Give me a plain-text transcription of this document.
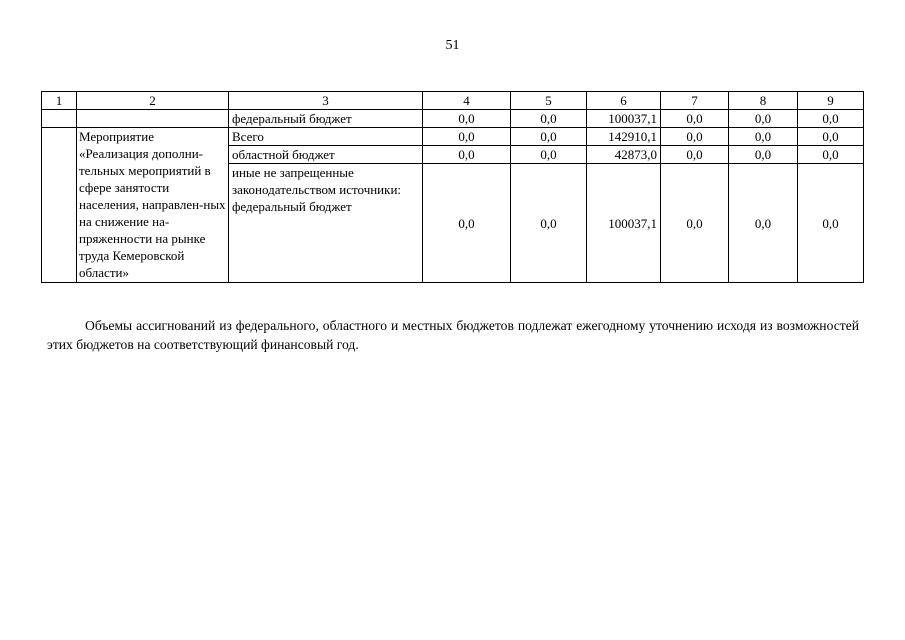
51
1	2	3	4	5	6	7	8	9
		федеральный бюджет	0,0	0,0	100037,1	0,0	0,0	0,0
	Мероприятие «Реализация дополни-тельных мероприятий в сфере занятости населения, направлен-ных на снижение на-пряженности на рынке труда Кемеровской области»	Всего	0,0	0,0	142910,1	0,0	0,0	0,0
		областной бюджет	0,0	0,0	42873,0	0,0	0,0	0,0
		иные не запрещенные законодательством источники: федеральный бюджет	0,0	0,0	100037,1	0,0	0,0	0,0

Объемы ассигнований из федерального, областного и местных бюджетов подлежат ежегодному уточнению исходя из возможностей этих бюджетов на соответствующий финансовый год.
